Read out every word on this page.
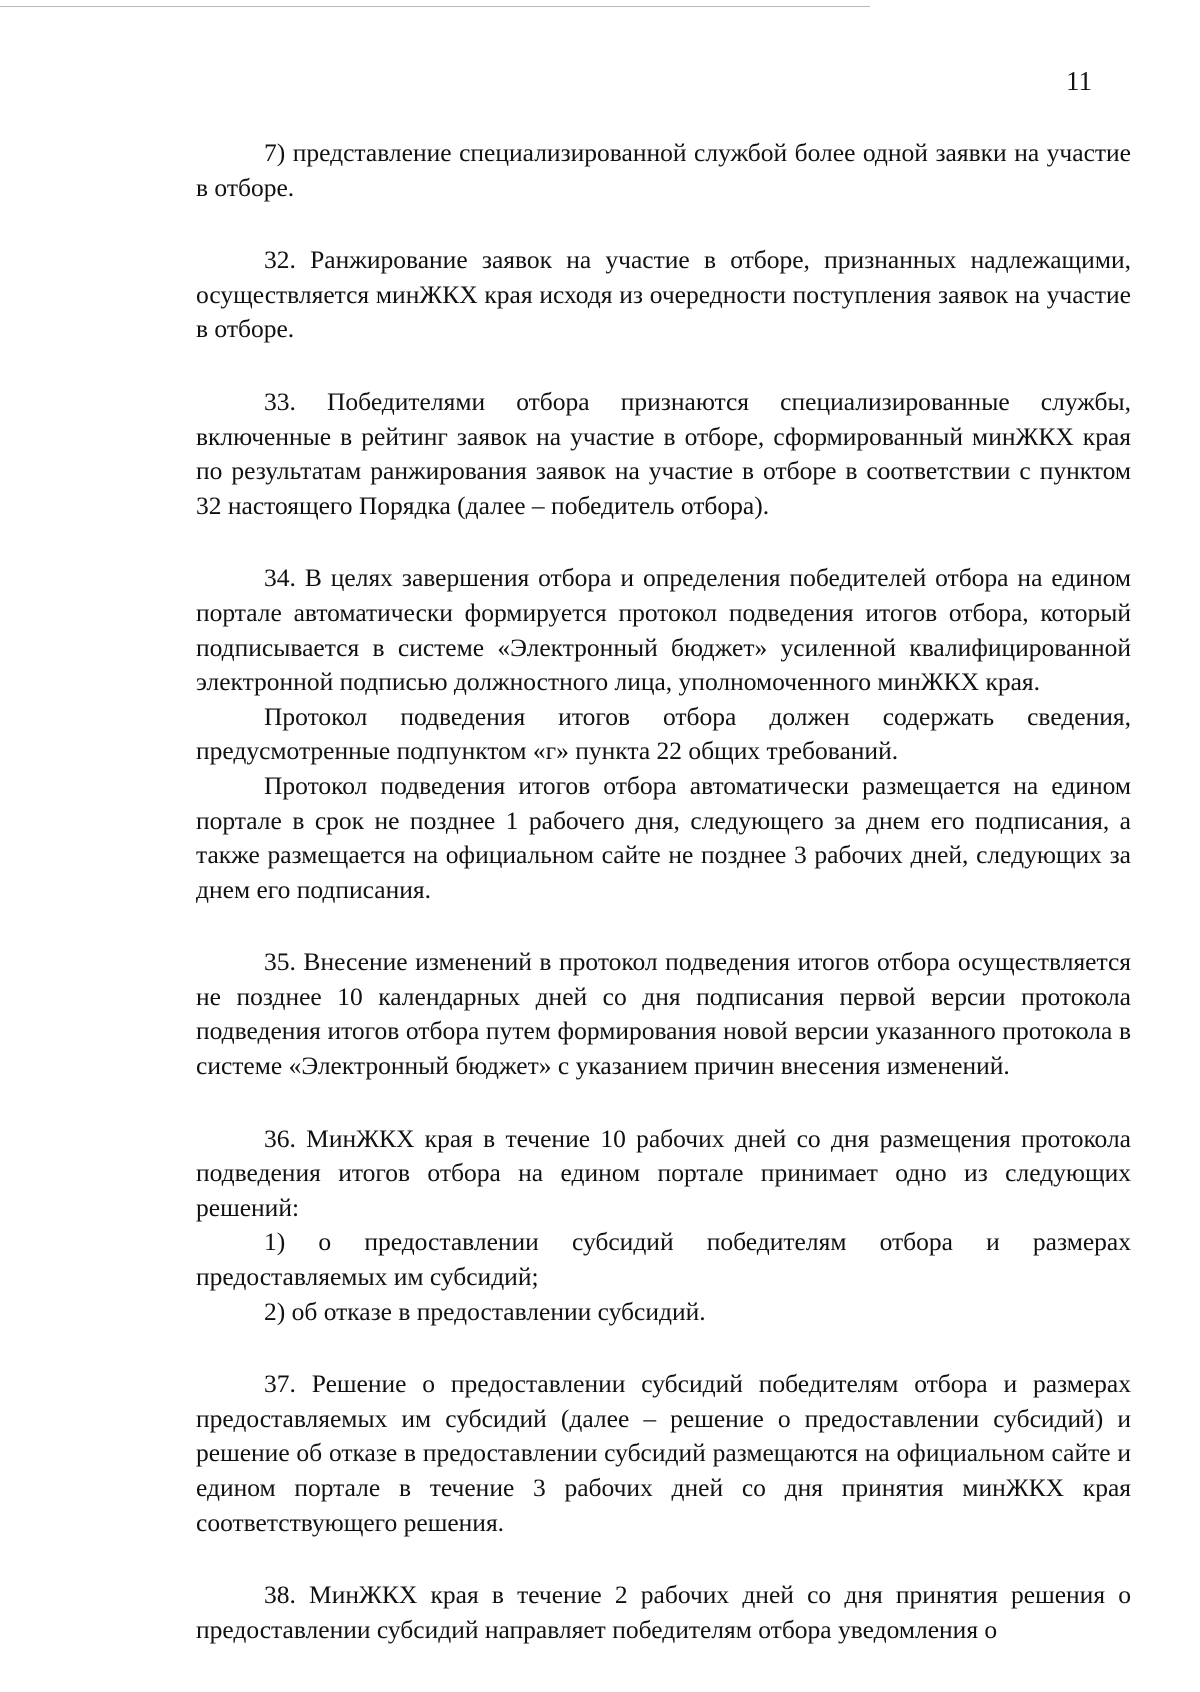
11

7) представление специализированной службой более одной заявки на участие в отборе.

32. Ранжирование заявок на участие в отборе, признанных надлежащими, осуществляется минЖКХ края исходя из очередности поступления заявок на участие в отборе.

33. Победителями отбора признаются специализированные службы, включенные в рейтинг заявок на участие в отборе, сформированный минЖКХ края по результатам ранжирования заявок на участие в отборе в соответствии с пунктом 32 настоящего Порядка (далее – победитель отбора).

34. В целях завершения отбора и определения победителей отбора на едином портале автоматически формируется протокол подведения итогов отбора, который подписывается в системе «Электронный бюджет» усиленной квалифицированной электронной подписью должностного лица, уполномоченного минЖКХ края.

Протокол подведения итогов отбора должен содержать сведения, предусмотренные подпунктом «г» пункта 22 общих требований.

Протокол подведения итогов отбора автоматически размещается на едином портале в срок не позднее 1 рабочего дня, следующего за днем его подписания, а также размещается на официальном сайте не позднее 3 рабочих дней, следующих за днем его подписания.

35. Внесение изменений в протокол подведения итогов отбора осуществляется не позднее 10 календарных дней со дня подписания первой версии протокола подведения итогов отбора путем формирования новой версии указанного протокола в системе «Электронный бюджет» с указанием причин внесения изменений.

36. МинЖКХ края в течение 10 рабочих дней со дня размещения протокола подведения итогов отбора на едином портале принимает одно из следующих решений:

1) о предоставлении субсидий победителям отбора и размерах предоставляемых им субсидий;

2) об отказе в предоставлении субсидий.

37. Решение о предоставлении субсидий победителям отбора и размерах предоставляемых им субсидий (далее – решение о предоставлении субсидий) и решение об отказе в предоставлении субсидий размещаются на официальном сайте и едином портале в течение 3 рабочих дней со дня принятия минЖКХ края соответствующего решения.

38. МинЖКХ края в течение 2 рабочих дней со дня принятия решения о предоставлении субсидий направляет победителям отбора уведомления о
